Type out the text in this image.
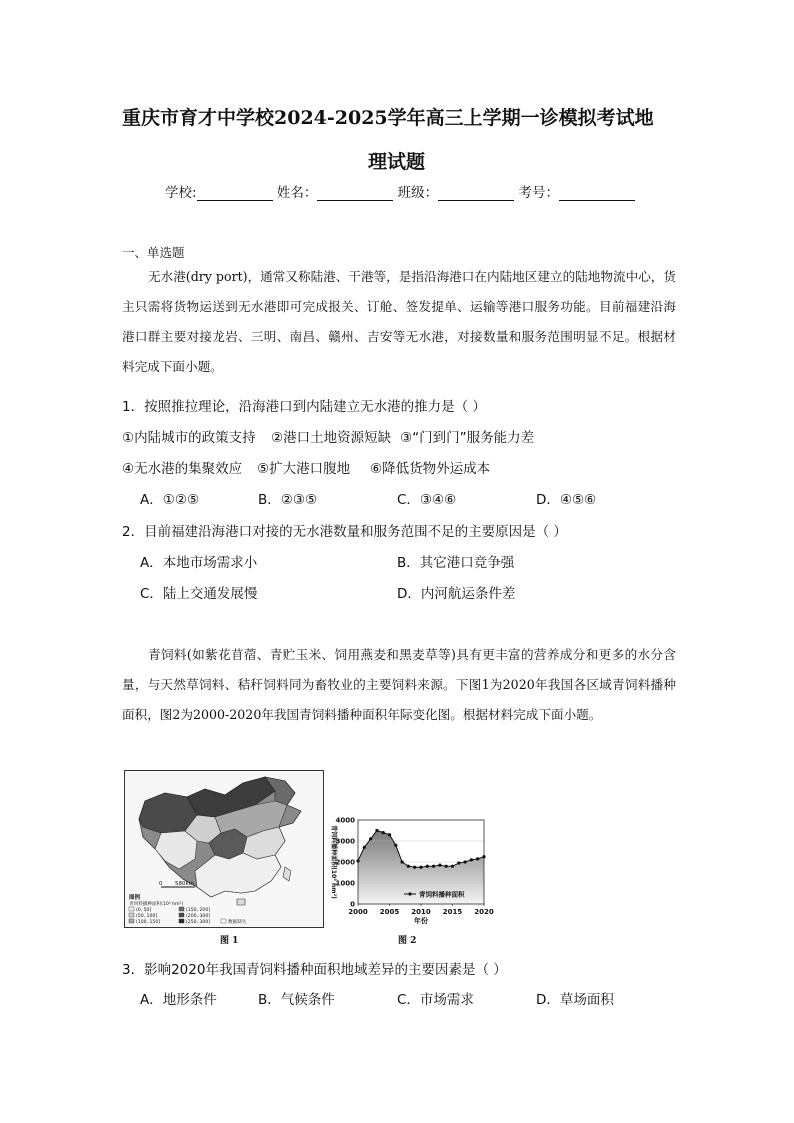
重庆市育才中学校2024-2025学年高三上学期一诊模拟考试地
理试题
学校:	姓名：	班级：	考号：
一、单选题
无水港(dry port)，通常又称陆港、干港等，是指沿海港口在内陆地区建立的陆地物流中心，货主只需将货物运送到无水港即可完成报关、订舱、签发提单、运输等港口服务功能。目前福建沿海港口群主要对接龙岩、三明、南昌、赣州、吉安等无水港，对接数量和服务范围明显不足。根据材料完成下面小题。
1．按照推拉理论，沿海港口到内陆建立无水港的推力是（ ）
①内陆城市的政策支持 ②港口土地资源短缺 ③“门到门”服务能力差
④无水港的集聚效应 ⑤扩大港口腹地 ⑥降低货物外运成本
A．①②⑤	B．②③⑤	C．③④⑥	D．④⑤⑥
2．目前福建沿海港口对接的无水港数量和服务范围不足的主要原因是（ ）
A．本地市场需求小	B．其它港口竞争强
C．陆上交通发展慢	D．内河航运条件差
青饲料(如紫花苜蓿、青贮玉米、饲用燕麦和黑麦草等)具有更丰富的营养成分和更多的水分含量，与天然草饲料、秸秆饲料同为畜牧业的主要饲料来源。下图1为2020年我国各区域青饲料播种面积，图2为2000-2020年我国青饲料播种面积年际变化图。根据材料完成下面小题。
0 580km
图例
青饲料播种面积(10³ hm²)
(0, 50]	(150, 200]
(50, 100]	(200, 300]
(100, 150]	(250, 300]	数据缺失
图 1
0
1000
2000
3000
4000
2000 2005 2010 2015 2020
年份
青饲料播种面积(10³ hm²)	青饲料播种面积
图 2
3．影响2020年我国青饲料播种面积地域差异的主要因素是（ ）
A．地形条件	B．气候条件	C．市场需求	D．草场面积
